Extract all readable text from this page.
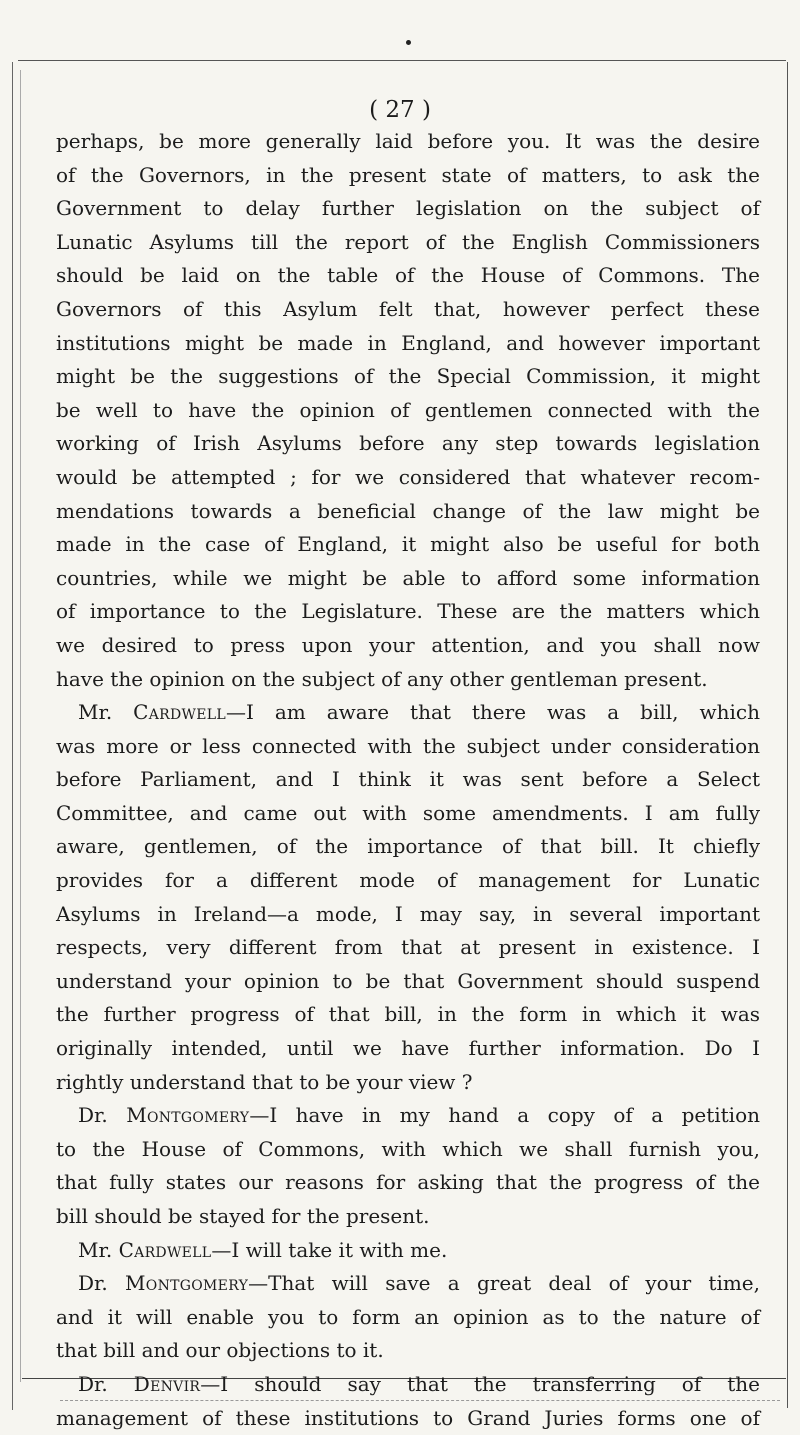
( 27 )
perhaps, be more generally laid before you. It was the desire
of the Governors, in the present state of matters, to ask the
Government to delay further legislation on the subject of
Lunatic Asylums till the report of the English Commissioners
should be laid on the table of the House of Commons. The
Governors of this Asylum felt that, however perfect these
institutions might be made in England, and however important
might be the suggestions of the Special Commission, it might
be well to have the opinion of gentlemen connected with the
working of Irish Asylums before any step towards legislation
would be attempted ; for we considered that whatever recom-
mendations towards a beneficial change of the law might be
made in the case of England, it might also be useful for both
countries, while we might be able to afford some information
of importance to the Legislature. These are the matters which
we desired to press upon your attention, and you shall now
have the opinion on the subject of any other gentleman present.
Mr. Cardwell—I am aware that there was a bill, which
was more or less connected with the subject under consideration
before Parliament, and I think it was sent before a Select
Committee, and came out with some amendments. I am fully
aware, gentlemen, of the importance of that bill. It chiefly
provides for a different mode of management for Lunatic
Asylums in Ireland—a mode, I may say, in several important
respects, very different from that at present in existence. I
understand your opinion to be that Government should suspend
the further progress of that bill, in the form in which it was
originally intended, until we have further information. Do I
rightly understand that to be your view ?
Dr. Montgomery—I have in my hand a copy of a petition
to the House of Commons, with which we shall furnish you,
that fully states our reasons for asking that the progress of the
bill should be stayed for the present.
Mr. Cardwell—I will take it with me.
Dr. Montgomery—That will save a great deal of your time,
and it will enable you to form an opinion as to the nature of
that bill and our objections to it.
Dr. Denvir—I should say that the transferring of the
management of these institutions to Grand Juries forms one of
